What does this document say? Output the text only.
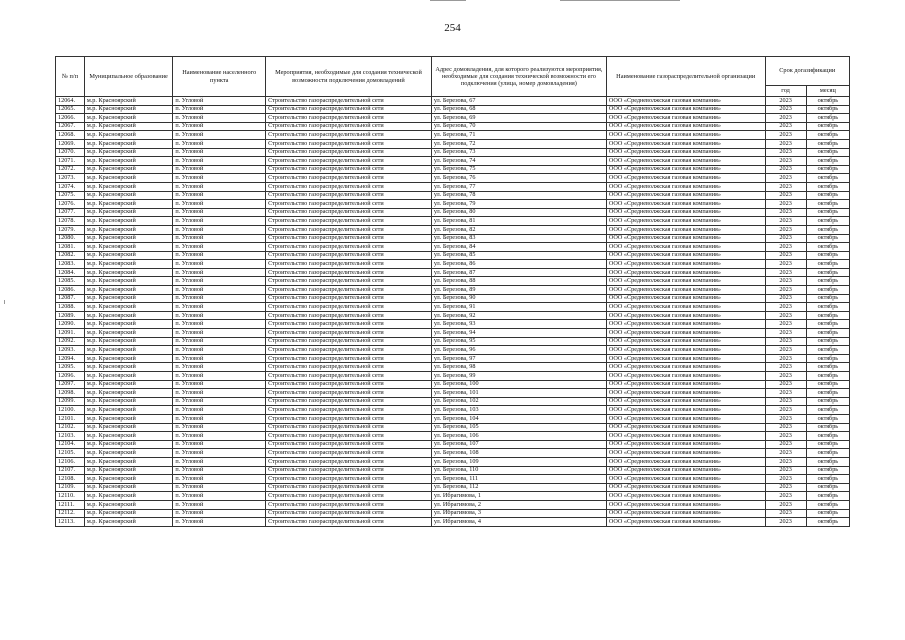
254
№ п/п	Муниципальное образование	Наименование населенного пункта	Мероприятия, необходимые для создания технической возможности подключения домовладений	Адрес домовладения, для которого реализуются мероприятия, необходимые для создания технической возможности его подключения (улица, номер домовладения)	Наименование газораспределительной организации	Срок догазификации	
						год	месяц
12064.	м.р. Красноярский	п. Угловой	Строительство газораспределительной сети	ул. Березова, 67	ООО «Средневолжская газовая компания»	2023	октябрь
12065.	м.р. Красноярский	п. Угловой	Строительство газораспределительной сети	ул. Березова, 68	ООО «Средневолжская газовая компания»	2023	октябрь
12066.	м.р. Красноярский	п. Угловой	Строительство газораспределительной сети	ул. Березова, 69	ООО «Средневолжская газовая компания»	2023	октябрь
12067.	м.р. Красноярский	п. Угловой	Строительство газораспределительной сети	ул. Березова, 70	ООО «Средневолжская газовая компания»	2023	октябрь
12068.	м.р. Красноярский	п. Угловой	Строительство газораспределительной сети	ул. Березова, 71	ООО «Средневолжская газовая компания»	2023	октябрь
12069.	м.р. Красноярский	п. Угловой	Строительство газораспределительной сети	ул. Березова, 72	ООО «Средневолжская газовая компания»	2023	октябрь
12070.	м.р. Красноярский	п. Угловой	Строительство газораспределительной сети	ул. Березова, 73	ООО «Средневолжская газовая компания»	2023	октябрь
12071.	м.р. Красноярский	п. Угловой	Строительство газораспределительной сети	ул. Березова, 74	ООО «Средневолжская газовая компания»	2023	октябрь
12072.	м.р. Красноярский	п. Угловой	Строительство газораспределительной сети	ул. Березова, 75	ООО «Средневолжская газовая компания»	2023	октябрь
12073.	м.р. Красноярский	п. Угловой	Строительство газораспределительной сети	ул. Березова, 76	ООО «Средневолжская газовая компания»	2023	октябрь
12074.	м.р. Красноярский	п. Угловой	Строительство газораспределительной сети	ул. Березова, 77	ООО «Средневолжская газовая компания»	2023	октябрь
12075.	м.р. Красноярский	п. Угловой	Строительство газораспределительной сети	ул. Березова, 78	ООО «Средневолжская газовая компания»	2023	октябрь
12076.	м.р. Красноярский	п. Угловой	Строительство газораспределительной сети	ул. Березова, 79	ООО «Средневолжская газовая компания»	2023	октябрь
12077.	м.р. Красноярский	п. Угловой	Строительство газораспределительной сети	ул. Березова, 80	ООО «Средневолжская газовая компания»	2023	октябрь
12078.	м.р. Красноярский	п. Угловой	Строительство газораспределительной сети	ул. Березова, 81	ООО «Средневолжская газовая компания»	2023	октябрь
12079.	м.р. Красноярский	п. Угловой	Строительство газораспределительной сети	ул. Березова, 82	ООО «Средневолжская газовая компания»	2023	октябрь
12080.	м.р. Красноярский	п. Угловой	Строительство газораспределительной сети	ул. Березова, 83	ООО «Средневолжская газовая компания»	2023	октябрь
12081.	м.р. Красноярский	п. Угловой	Строительство газораспределительной сети	ул. Березова, 84	ООО «Средневолжская газовая компания»	2023	октябрь
12082.	м.р. Красноярский	п. Угловой	Строительство газораспределительной сети	ул. Березова, 85	ООО «Средневолжская газовая компания»	2023	октябрь
12083.	м.р. Красноярский	п. Угловой	Строительство газораспределительной сети	ул. Березова, 86	ООО «Средневолжская газовая компания»	2023	октябрь
12084.	м.р. Красноярский	п. Угловой	Строительство газораспределительной сети	ул. Березова, 87	ООО «Средневолжская газовая компания»	2023	октябрь
12085.	м.р. Красноярский	п. Угловой	Строительство газораспределительной сети	ул. Березова, 88	ООО «Средневолжская газовая компания»	2023	октябрь
12086.	м.р. Красноярский	п. Угловой	Строительство газораспределительной сети	ул. Березова, 89	ООО «Средневолжская газовая компания»	2023	октябрь
12087.	м.р. Красноярский	п. Угловой	Строительство газораспределительной сети	ул. Березова, 90	ООО «Средневолжская газовая компания»	2023	октябрь
12088.	м.р. Красноярский	п. Угловой	Строительство газораспределительной сети	ул. Березова, 91	ООО «Средневолжская газовая компания»	2023	октябрь
12089.	м.р. Красноярский	п. Угловой	Строительство газораспределительной сети	ул. Березова, 92	ООО «Средневолжская газовая компания»	2023	октябрь
12090.	м.р. Красноярский	п. Угловой	Строительство газораспределительной сети	ул. Березова, 93	ООО «Средневолжская газовая компания»	2023	октябрь
12091.	м.р. Красноярский	п. Угловой	Строительство газораспределительной сети	ул. Березова, 94	ООО «Средневолжская газовая компания»	2023	октябрь
12092.	м.р. Красноярский	п. Угловой	Строительство газораспределительной сети	ул. Березова, 95	ООО «Средневолжская газовая компания»	2023	октябрь
12093.	м.р. Красноярский	п. Угловой	Строительство газораспределительной сети	ул. Березова, 96	ООО «Средневолжская газовая компания»	2023	октябрь
12094.	м.р. Красноярский	п. Угловой	Строительство газораспределительной сети	ул. Березова, 97	ООО «Средневолжская газовая компания»	2023	октябрь
12095.	м.р. Красноярский	п. Угловой	Строительство газораспределительной сети	ул. Березова, 98	ООО «Средневолжская газовая компания»	2023	октябрь
12096.	м.р. Красноярский	п. Угловой	Строительство газораспределительной сети	ул. Березова, 99	ООО «Средневолжская газовая компания»	2023	октябрь
12097.	м.р. Красноярский	п. Угловой	Строительство газораспределительной сети	ул. Березова, 100	ООО «Средневолжская газовая компания»	2023	октябрь
12098.	м.р. Красноярский	п. Угловой	Строительство газораспределительной сети	ул. Березова, 101	ООО «Средневолжская газовая компания»	2023	октябрь
12099.	м.р. Красноярский	п. Угловой	Строительство газораспределительной сети	ул. Березова, 102	ООО «Средневолжская газовая компания»	2023	октябрь
12100.	м.р. Красноярский	п. Угловой	Строительство газораспределительной сети	ул. Березова, 103	ООО «Средневолжская газовая компания»	2023	октябрь
12101.	м.р. Красноярский	п. Угловой	Строительство газораспределительной сети	ул. Березова, 104	ООО «Средневолжская газовая компания»	2023	октябрь
12102.	м.р. Красноярский	п. Угловой	Строительство газораспределительной сети	ул. Березова, 105	ООО «Средневолжская газовая компания»	2023	октябрь
12103.	м.р. Красноярский	п. Угловой	Строительство газораспределительной сети	ул. Березова, 106	ООО «Средневолжская газовая компания»	2023	октябрь
12104.	м.р. Красноярский	п. Угловой	Строительство газораспределительной сети	ул. Березова, 107	ООО «Средневолжская газовая компания»	2023	октябрь
12105.	м.р. Красноярский	п. Угловой	Строительство газораспределительной сети	ул. Березова, 108	ООО «Средневолжская газовая компания»	2023	октябрь
12106.	м.р. Красноярский	п. Угловой	Строительство газораспределительной сети	ул. Березова, 109	ООО «Средневолжская газовая компания»	2023	октябрь
12107.	м.р. Красноярский	п. Угловой	Строительство газораспределительной сети	ул. Березова, 110	ООО «Средневолжская газовая компания»	2023	октябрь
12108.	м.р. Красноярский	п. Угловой	Строительство газораспределительной сети	ул. Березова, 111	ООО «Средневолжская газовая компания»	2023	октябрь
12109.	м.р. Красноярский	п. Угловой	Строительство газораспределительной сети	ул. Березова, 112	ООО «Средневолжская газовая компания»	2023	октябрь
12110.	м.р. Красноярский	п. Угловой	Строительство газораспределительной сети	ул. Ибрагимова, 1	ООО «Средневолжская газовая компания»	2023	октябрь
12111.	м.р. Красноярский	п. Угловой	Строительство газораспределительной сети	ул. Ибрагимова, 2	ООО «Средневолжская газовая компания»	2023	октябрь
12112.	м.р. Красноярский	п. Угловой	Строительство газораспределительной сети	ул. Ибрагимова, 3	ООО «Средневолжская газовая компания»	2023	октябрь
12113.	м.р. Красноярский	п. Угловой	Строительство газораспределительной сети	ул. Ибрагимова, 4	ООО «Средневолжская газовая компания»	2023	октябрь
